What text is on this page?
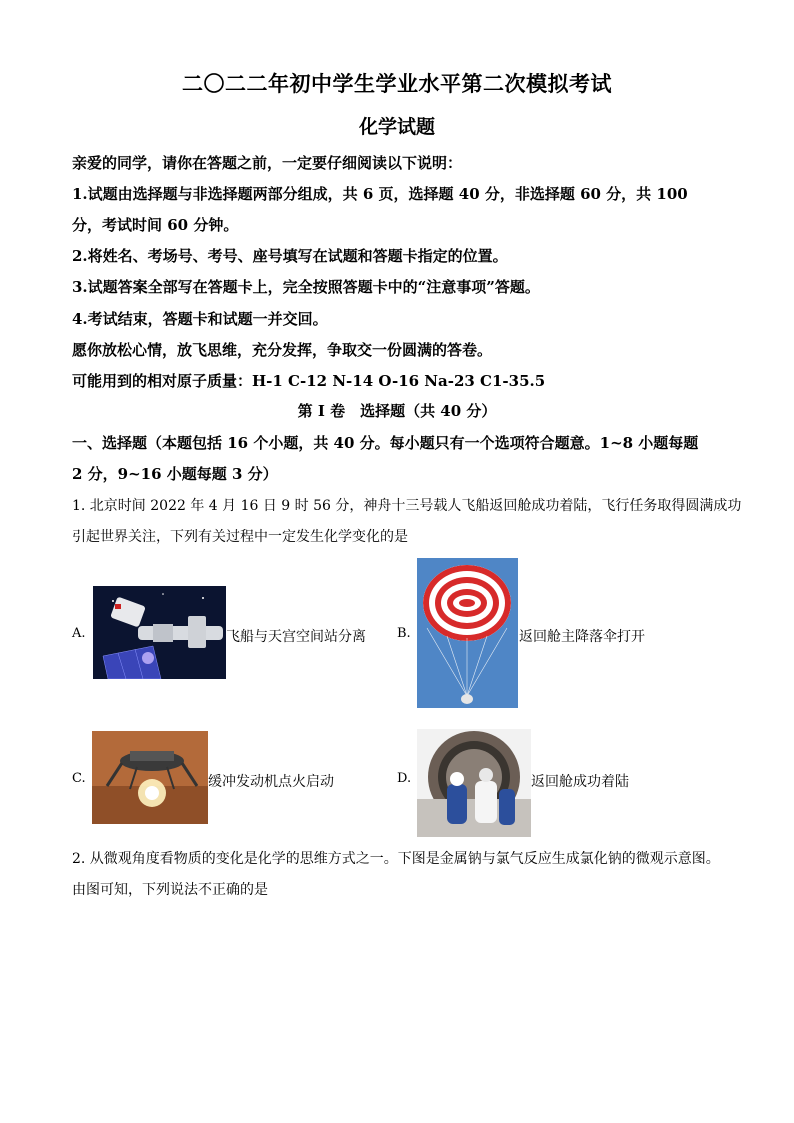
二〇二二年初中学生学业水平第二次模拟考试
化学试题
亲爱的同学，请你在答题之前，一定要仔细阅读以下说明：
1.试题由选择题与非选择题两部分组成，共 6 页，选择题 40 分，非选择题 60 分，共 100
分，考试时间 60 分钟。
2.将姓名、考场号、考号、座号填写在试题和答题卡指定的位置。
3.试题答案全部写在答题卡上，完全按照答题卡中的“注意事项”答题。
4.考试结束，答题卡和试题一并交回。
愿你放松心情，放飞思维，充分发挥，争取交一份圆满的答卷。
可能用到的相对原子质量：H-1 C-12 N-14 O-16 Na-23 C1-35.5
第 I 卷　选择题（共 40 分）
一、选择题（本题包括 16 个小题，共 40 分。每小题只有一个选项符合题意。1~8 小题每题
2 分，9~16 小题每题 3 分）
1. 北京时间 2022 年 4 月 16 日 9 时 56 分，神舟十三号载人飞船返回舱成功着陆，飞行任务取得圆满成功
引起世界关注，下列有关过程中一定发生化学变化的是
A.	飞船与天宫空间站分离 B.	返回舱主降落伞打开
C.	缓冲发动机点火启动	D.	返回舱成功着陆
2. 从微观角度看物质的变化是化学的思维方式之一。下图是金属钠与氯气反应生成氯化钠的微观示意图。
由图可知，下列说法不正确的是
